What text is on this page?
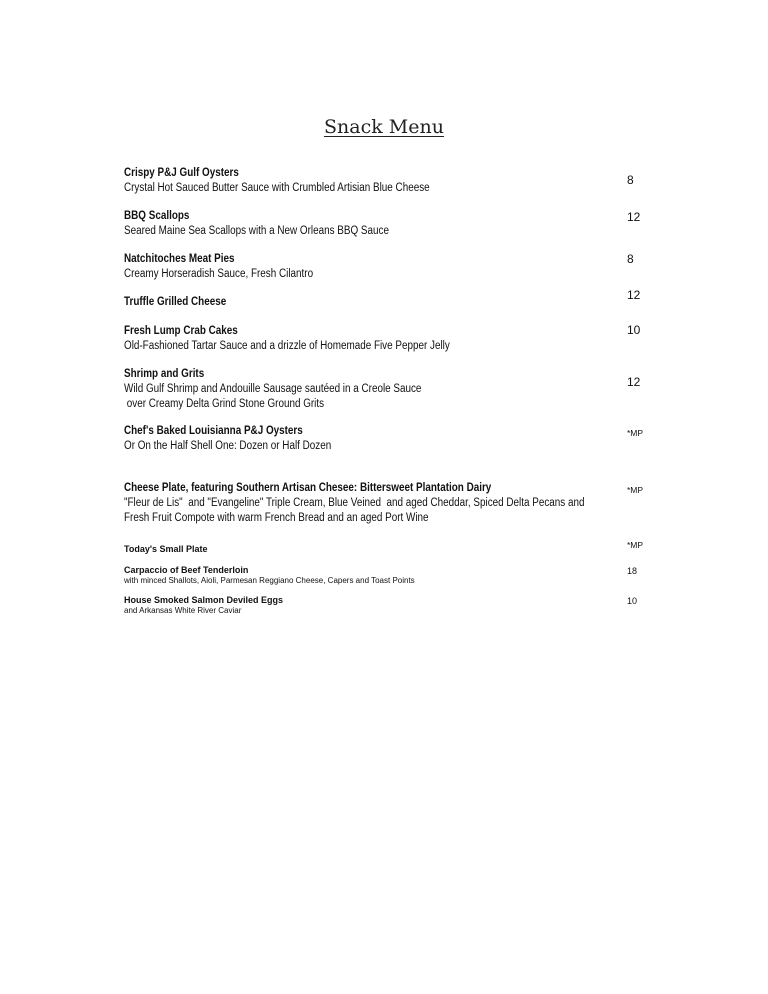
Snack Menu
Crispy P&J Gulf Oysters
Crystal Hot Sauced Butter Sauce with Crumbled Artisian Blue Cheese
8
BBQ Scallops
Seared Maine Sea Scallops with a New Orleans BBQ Sauce
12
Natchitoches Meat Pies
Creamy Horseradish Sauce, Fresh Cilantro
8
Truffle Grilled Cheese	12
Fresh Lump Crab Cakes
Old-Fashioned Tartar Sauce and a drizzle of Homemade Five Pepper Jelly
10
Shrimp and Grits
Wild Gulf Shrimp and Andouille Sausage sautéed in a Creole Sauce
over Creamy Delta Grind Stone Ground Grits
12
Chef's Baked Louisianna P&J Oysters
Or On the Half Shell One: Dozen or Half Dozen
*MP
Cheese Plate, featuring Southern Artisan Chesee: Bittersweet Plantation Dairy
"Fleur de Lis"  and "Evangeline" Triple Cream, Blue Veined  and aged Cheddar, Spiced Delta Pecans and
Fresh Fruit Compote with warm French Bread and an aged Port Wine
*MP
Today's Small Plate	*MP
Carpaccio of Beef Tenderloin
with minced Shallots, Aioli, Parmesan Reggiano Cheese, Capers and Toast Points
18
House Smoked Salmon Deviled Eggs
and Arkansas White River Caviar
10
